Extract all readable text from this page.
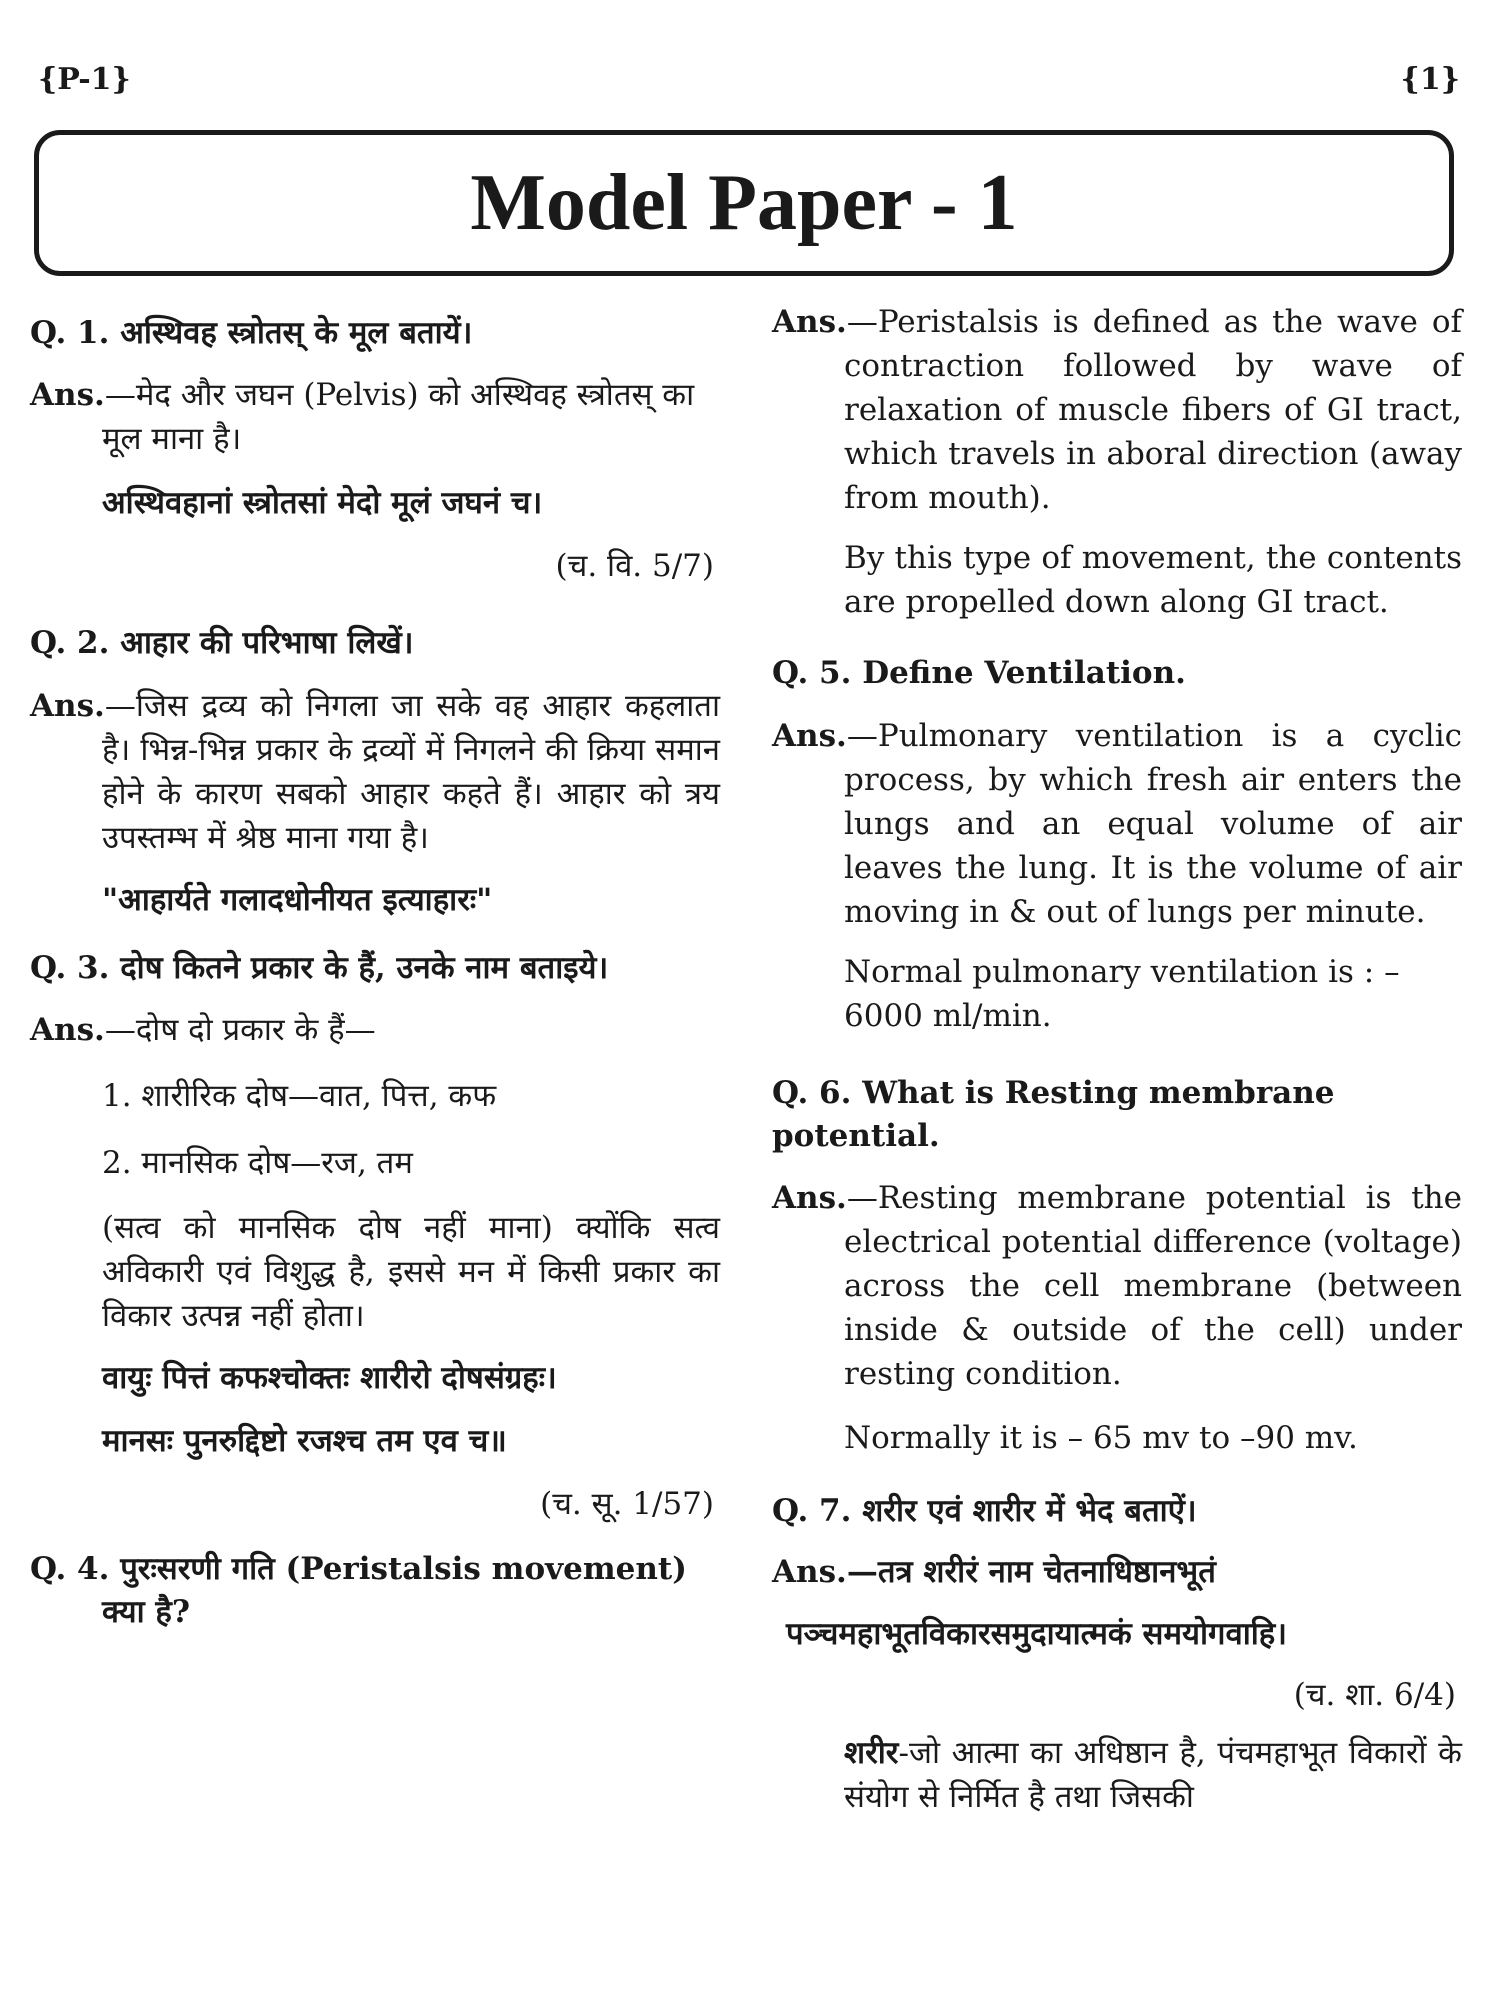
{P-1}	{1}
Model Paper - 1

Q. 1. अस्थिवह स्त्रोतस् के मूल बतायें।

Ans.—मेद और जघन (Pelvis) को अस्थिवह स्त्रोतस् का मूल माना है।

अस्थिवहानां स्त्रोतसां मेदो मूलं जघनं च।

(च. वि. 5/7)

Q. 2. आहार की परिभाषा लिखें।

Ans.—जिस द्रव्य को निगला जा सके वह आहार कहलाता है। भिन्न-भिन्न प्रकार के द्रव्यों में निगलने की क्रिया समान होने के कारण सबको आहार कहते हैं। आहार को त्रय उपस्तम्भ में श्रेष्ठ माना गया है।

"आहार्यते गलादधोनीयत इत्याहारः"

Q. 3. दोष कितने प्रकार के हैं, उनके नाम बताइये।

Ans.—दोष दो प्रकार के हैं—

1. शारीरिक दोष—वात, पित्त, कफ

2. मानसिक दोष—रज, तम

(सत्व को मानसिक दोष नहीं माना) क्योंकि सत्व अविकारी एवं विशुद्ध है, इससे मन में किसी प्रकार का विकार उत्पन्न नहीं होता।

वायुः पित्तं कफश्चोक्तः शारीरो दोषसंग्रहः।

मानसः पुनरुद्दिष्टो रजश्च तम एव च॥

(च. सू. 1/57)

Q. 4. पुरःसरणी गति (Peristalsis movement) क्या है?

Ans.—Peristalsis is defined as the wave of contraction followed by wave of relaxation of muscle fibers of GI tract, which travels in aboral direction (away from mouth).

By this type of movement, the contents are propelled down along GI tract.

Q. 5. Define Ventilation.

Ans.—Pulmonary ventilation is a cyclic process, by which fresh air enters the lungs and an equal volume of air leaves the lung. It is the volume of air moving in & out of lungs per minute.

Normal pulmonary ventilation is : – 6000 ml/min.

Q. 6. What is Resting membrane potential.

Ans.—Resting membrane potential is the electrical potential difference (voltage) across the cell membrane (between inside & outside of the cell) under resting condition.

Normally it is – 65 mv to –90 mv.

Q. 7. शरीर एवं शारीर में भेद बताऐं।

Ans.—तत्र शरीरं नाम चेतनाधिष्ठानभूतं

पञ्चमहाभूतविकारसमुदायात्मकं समयोगवाहि।

(च. शा. 6/4)

शरीर-जो आत्मा का अधिष्ठान है, पंचमहाभूत विकारों के संयोग से निर्मित है तथा जिसकी
